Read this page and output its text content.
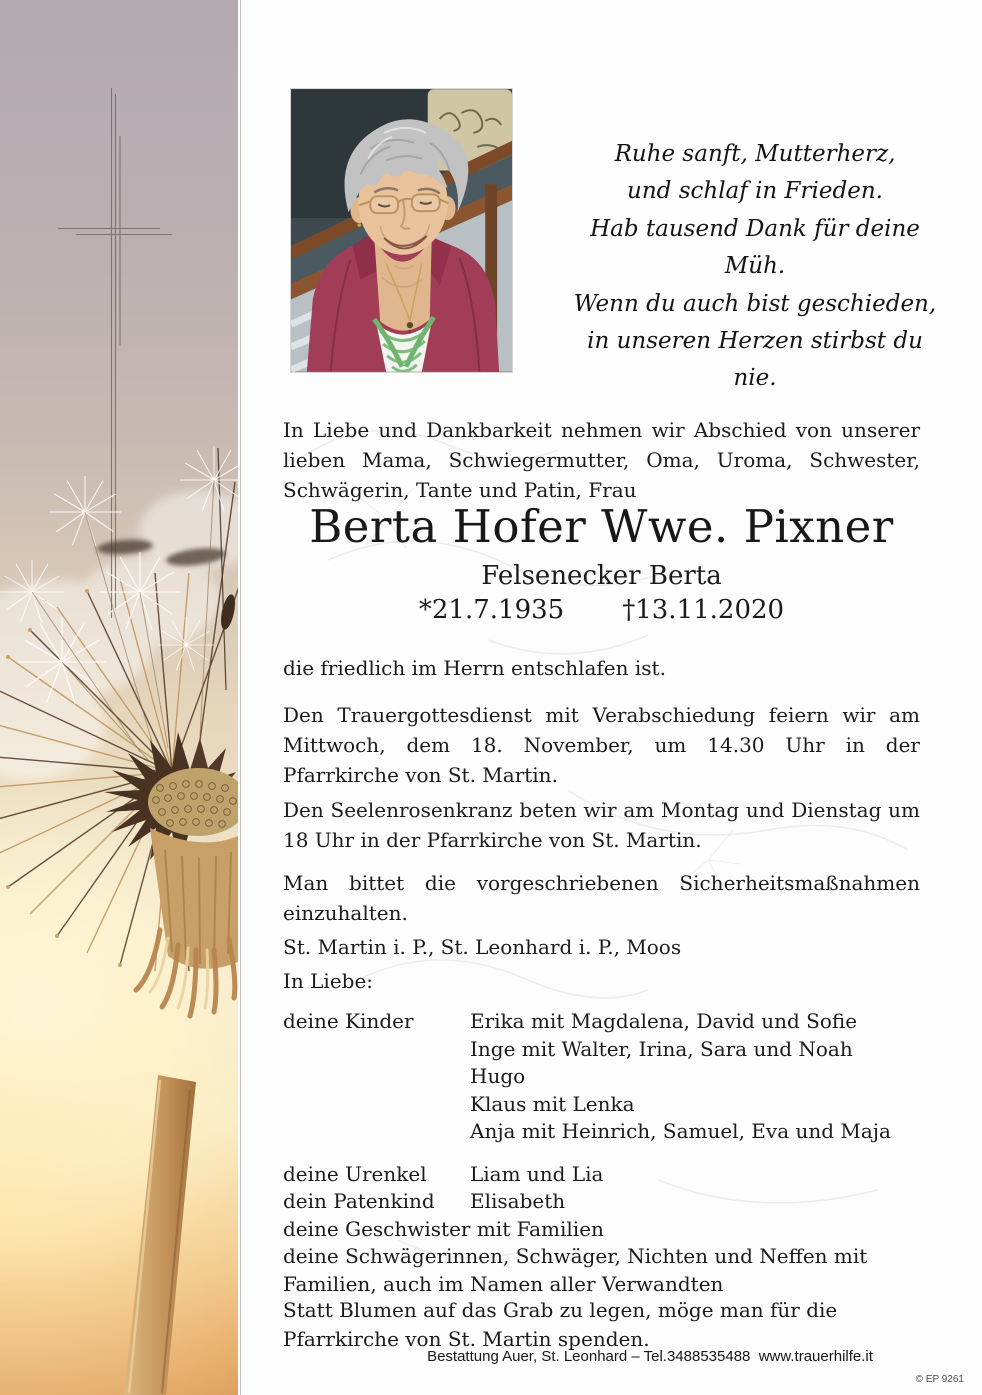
Ruhe sanft, Mutterherz,
und schlaf in Frieden.
Hab tausend Dank für deine Müh.
Wenn du auch bist geschieden,
in unseren Herzen stirbst du nie.
In Liebe und Dankbarkeit nehmen wir Abschied von unserer lieben Mama, Schwiegermutter, Oma, Uroma, Schwester, Schwägerin, Tante und Patin, Frau
Berta Hofer Wwe. Pixner
Felsenecker Berta
*21.7.1935 †13.11.2020
die friedlich im Herrn entschlafen ist.
Den Trauergottesdienst mit Verabschiedung feiern wir am Mittwoch, dem 18. November, um 14.30 Uhr in der Pfarrkirche von St. Martin.
Den Seelenrosenkranz beten wir am Montag und Dienstag um 18 Uhr in der Pfarrkirche von St. Martin.
Man bittet die vorgeschriebenen Sicherheitsmaßnahmen einzuhalten.
St. Martin i. P., St. Leonhard i. P., Moos
In Liebe:
deine Kinder	Erika mit Magdalena, David und Sofie
Inge mit Walter, Irina, Sara und Noah
Hugo
Klaus mit Lenka
Anja mit Heinrich, Samuel, Eva und Maja
deine Urenkel	Liam und Lia
dein Patenkind	Elisabeth
deine Geschwister mit Familien
deine Schwägerinnen, Schwäger, Nichten und Neffen mit Familien, auch im Namen aller Verwandten
Statt Blumen auf das Grab zu legen, möge man für die Pfarrkirche von St. Martin spenden.
Bestattung Auer, St. Leonhard – Tel.3488535488  www.trauerhilfe.it
© EP 9261
